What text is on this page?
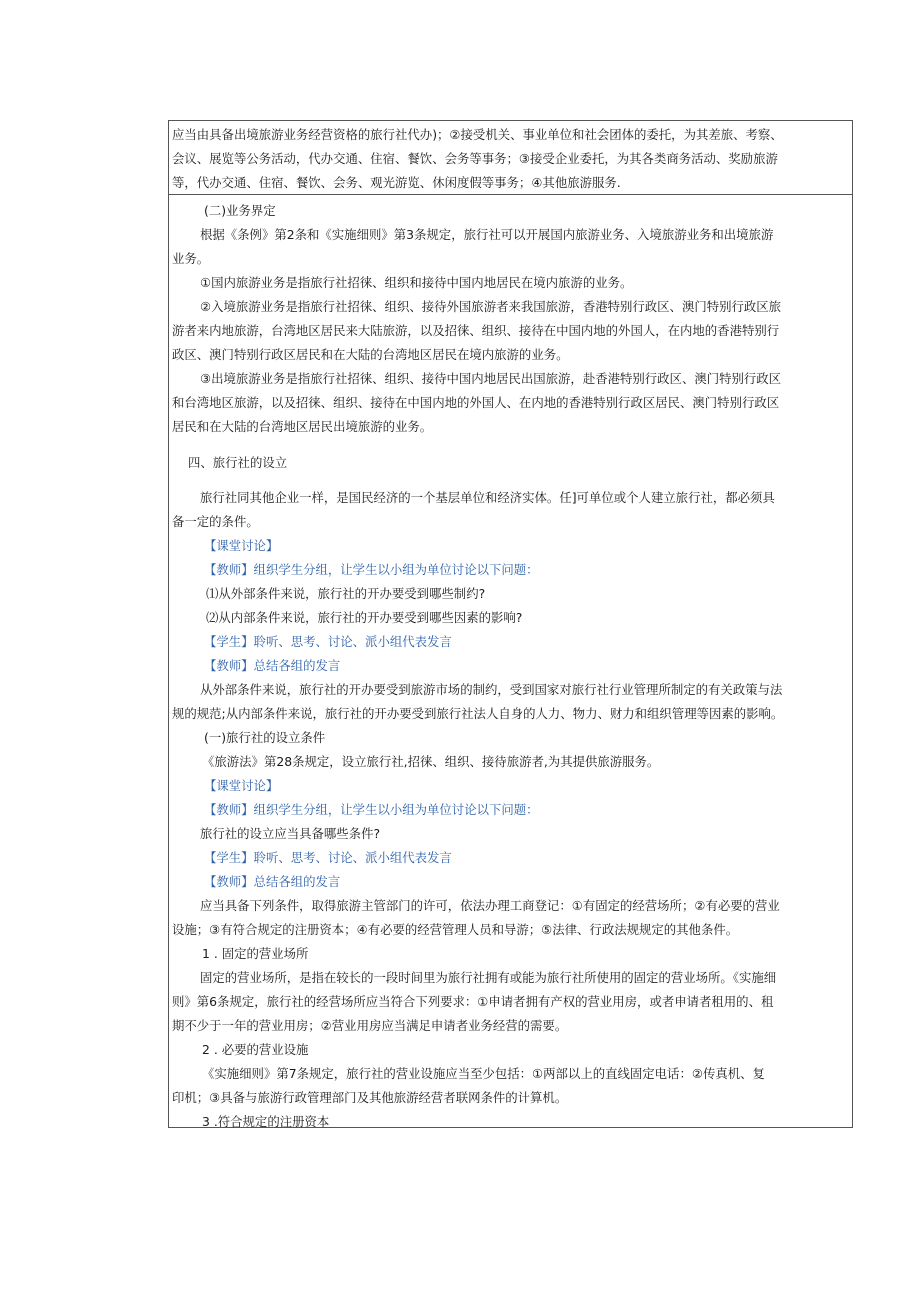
应当由具备出境旅游业务经营资格的旅行社代办)；②接受机关、事业单位和社会团体的委托，为其差旅、考察、
会议、展览等公务活动，代办交通、住宿、餐饮、会务等事务；③接受企业委托，为其各类商务活动、奖励旅游
等，代办交通、住宿、餐饮、会务、观光游览、休闲度假等事务；④其他旅游服务.
(二)业务界定
根据《条例》第2条和《实施细则》第3条规定，旅行社可以开展国内旅游业务、入境旅游业务和出境旅游
业务。
①国内旅游业务是指旅行社招徕、组织和接待中国内地居民在境内旅游的业务。
②入境旅游业务是指旅行社招徕、组织、接待外国旅游者来我国旅游，香港特别行政区、澳门特别行政区旅
游者来内地旅游，台湾地区居民来大陆旅游，以及招徕、组织、接待在中国内地的外国人，在内地的香港特别行
政区、澳门特别行政区居民和在大陆的台湾地区居民在境内旅游的业务。
③出境旅游业务是指旅行社招徕、组织、接待中国内地居民出国旅游，赴香港特别行政区、澳门特别行政区
和台湾地区旅游，以及招徕、组织、接待在中国内地的外国人、在内地的香港特别行政区居民、澳门特别行政区
居民和在大陆的台湾地区居民出境旅游的业务。
四、旅行社的设立
旅行社同其他企业一样，是国民经济的一个基层单位和经济实体。任]可单位或个人建立旅行社，都必须具
备一定的条件。
【课堂讨论】
【教师】组织学生分组，让学生以小组为单位讨论以下问题：
⑴从外部条件来说，旅行社的开办要受到哪些制约?
⑵从内部条件来说，旅行社的开办要受到哪些因素的影响?
【学生】聆听、思考、讨论、派小组代表发言
【教师】总结各组的发言
从外部条件来说，旅行社的开办要受到旅游市场的制约，受到国家对旅行社行业管理所制定的有关政策与法
规的规范;从内部条件来说，旅行社的开办要受到旅行社法人自身的人力、物力、财力和组织管理等因素的影响。
(一)旅行社的设立条件
《旅游法》第28条规定，设立旅行社,招徕、组织、接待旅游者,为其提供旅游服务。
【课堂讨论】
【教师】组织学生分组，让学生以小组为单位讨论以下问题：
旅行社的设立应当具备哪些条件?
【学生】聆听、思考、讨论、派小组代表发言
【教师】总结各组的发言
应当具备下列条件，取得旅游主管部门的许可，依法办理工商登记：①有固定的经营场所；②有必要的营业
设施；③有符合规定的注册资本；④有必要的经营管理人员和导游；⑤法律、行政法规规定的其他条件。
1 . 固定的营业场所
固定的营业场所，是指在较长的一段时间里为旅行社拥有或能为旅行社所使用的固定的营业场所。《实施细
则》第6条规定，旅行社的经营场所应当符合下列要求：①申请者拥有产权的营业用房，或者申请者租用的、租
期不少于一年的营业用房；②营业用房应当满足申请者业务经营的需要。
2 . 必要的营业设施
《实施细则》第7条规定，旅行社的营业设施应当至少包括：①两部以上的直线固定电话：②传真机、复
印机；③具备与旅游行政管理部门及其他旅游经营者联网条件的计算机。
3 .符合规定的注册资本
